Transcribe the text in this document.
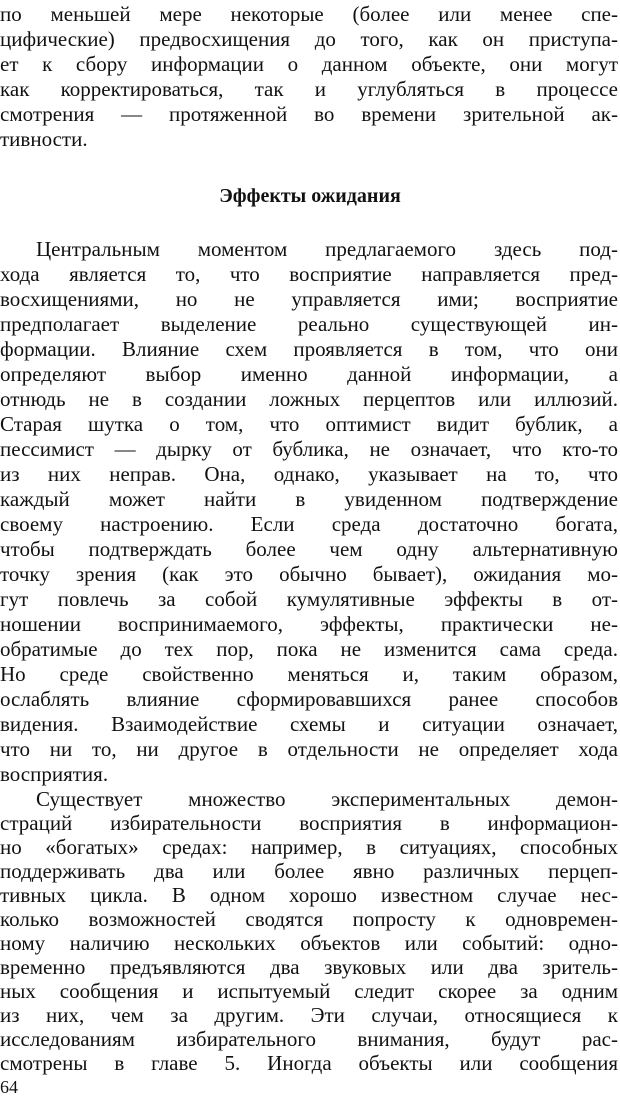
по меньшей мере некоторые (более или менее спе-
цифические) предвосхищения до того, как он приступа-
ет к сбору информации о данном объекте, они могут
как корректироваться, так и углубляться в процессе
смотрения — протяженной во времени зрительной ак-
тивности.
Эффекты ожидания
Центральным моментом предлагаемого здесь под-
хода является то, что восприятие направляется пред-
восхищениями, но не управляется ими; восприятие
предполагает выделение реально существующей ин-
формации. Влияние схем проявляется в том, что они
определяют выбор именно данной информации, а
отнюдь не в создании ложных перцептов или иллюзий.
Старая шутка о том, что оптимист видит бублик, а
пессимист — дырку от бублика, не означает, что кто-то
из них неправ. Она, однако, указывает на то, что
каждый может найти в увиденном подтверждение
своему настроению. Если среда достаточно богата,
чтобы подтверждать более чем одну альтернативную
точку зрения (как это обычно бывает), ожидания мо-
гут повлечь за собой кумулятивные эффекты в от-
ношении воспринимаемого, эффекты, практически не-
обратимые до тех пор, пока не изменится сама среда.
Но среде свойственно меняться и, таким образом,
ослаблять влияние сформировавшихся ранее способов
видения. Взаимодействие схемы и ситуации означает,
что ни то, ни другое в отдельности не определяет хода
восприятия.
Существует множество экспериментальных демон-
страций избирательности восприятия в информацион-
но «богатых» средах: например, в ситуациях, способных
поддерживать два или более явно различных перцеп-
тивных цикла. В одном хорошо известном случае нес-
колько возможностей сводятся попросту к одновремен-
ному наличию нескольких объектов или событий: одно-
временно предъявляются два звуковых или два зритель-
ных сообщения и испытуемый следит скорее за одним
из них, чем за другим. Эти случаи, относящиеся к
исследованиям избирательного внимания, будут рас-
64
смотрены в главе 5. Иногда объекты или сообщения
